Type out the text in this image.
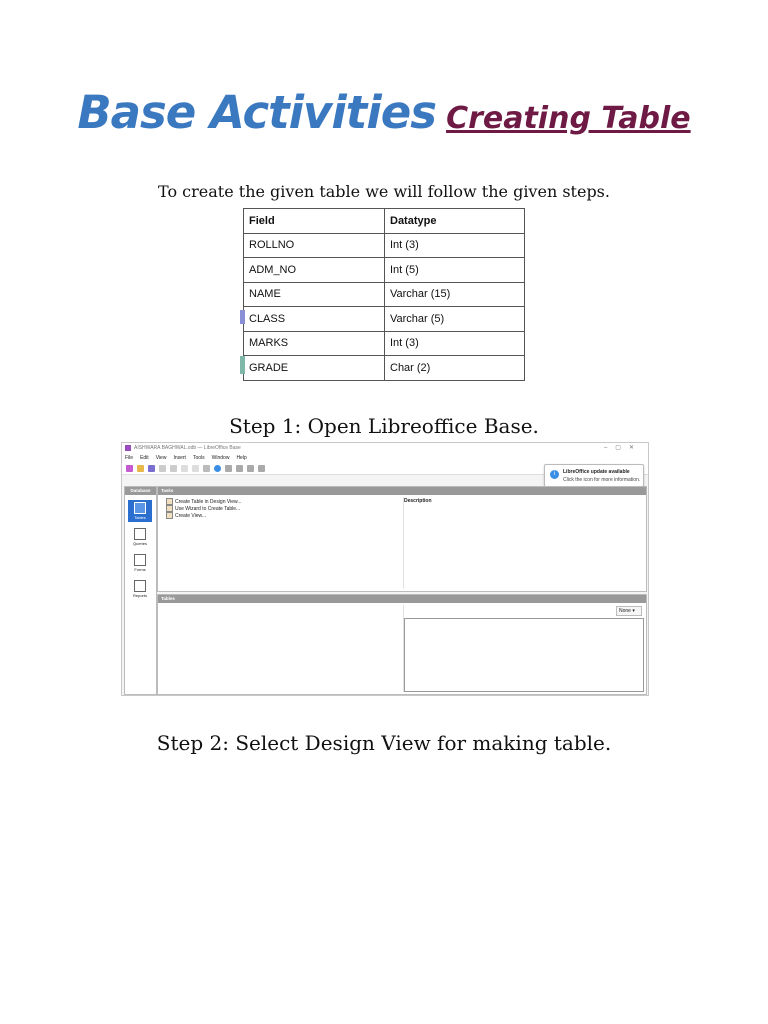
Base Activities Creating Table
To create the given table we will follow the given steps.
Field	Datatype
ROLLNO	Int (3)
ADM_NO	Int (5)
NAME	Varchar (15)
CLASS	Varchar (5)
MARKS	Int (3)
GRADE	Char (2)
Step 1: Open Libreoffice Base.
AISHWARA BAGHWAL.odb — LibreOffice Base	–▢✕
File Edit View Insert Tools Window Help
i	LibreOffice update available
Click the icon for more information.
Database
Tables
Queries
Forms
Reports
Tasks
Create Table in Design View...
Use Wizard to Create Table...
Create View...
Description
Tables
None ▾
Step 2: Select Design View for making table.
